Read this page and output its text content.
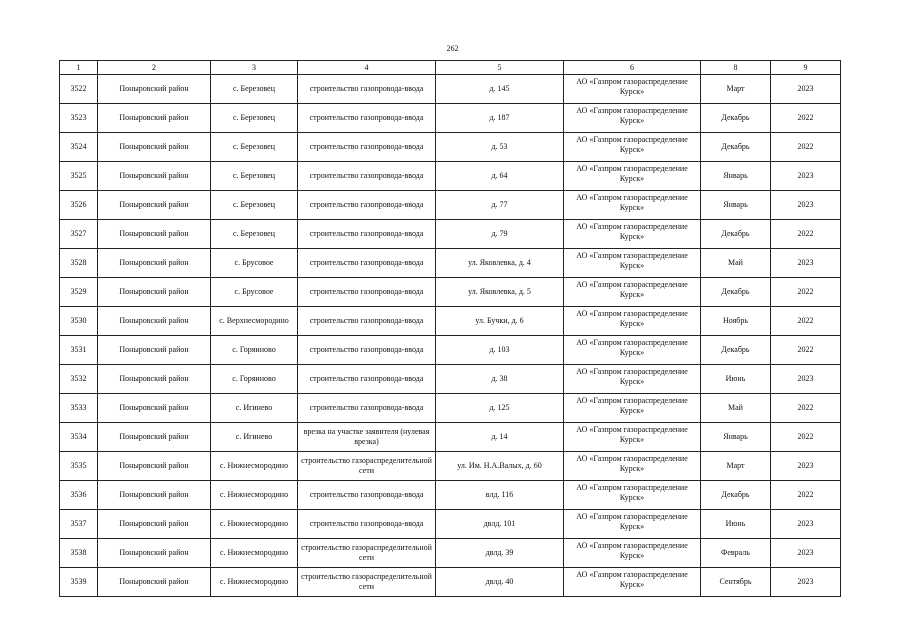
262
1	2	3	4	5	6	8	9
3522	Поныровский район	с. Березовец	строительство газопровода-ввода	д. 145	АО «Газпром газораспределение Курск»	Март	2023
3523	Поныровский район	с. Березовец	строительство газопровода-ввода	д. 187	АО «Газпром газораспределение Курск»	Декабрь	2022
3524	Поныровский район	с. Березовец	строительство газопровода-ввода	д. 53	АО «Газпром газораспределение Курск»	Декабрь	2022
3525	Поныровский район	с. Березовец	строительство газопровода-ввода	д. 64	АО «Газпром газораспределение Курск»	Январь	2023
3526	Поныровский район	с. Березовец	строительство газопровода-ввода	д. 77	АО «Газпром газораспределение Курск»	Январь	2023
3527	Поныровский район	с. Березовец	строительство газопровода-ввода	д. 79	АО «Газпром газораспределение Курск»	Декабрь	2022
3528	Поныровский район	с. Брусовое	строительство газопровода-ввода	ул. Яковлевка, д. 4	АО «Газпром газораспределение Курск»	Май	2023
3529	Поныровский район	с. Брусовое	строительство газопровода-ввода	ул. Яковлевка, д. 5	АО «Газпром газораспределение Курск»	Декабрь	2022
3530	Поныровский район	с. Верхнесмородино	строительство газопровода-ввода	ул. Бучки, д. 6	АО «Газпром газораспределение Курск»	Ноябрь	2022
3531	Поныровский район	с. Горяиново	строительство газопровода-ввода	д. 103	АО «Газпром газораспределение Курск»	Декабрь	2022
3532	Поныровский район	с. Горяиново	строительство газопровода-ввода	д. 38	АО «Газпром газораспределение Курск»	Июнь	2023
3533	Поныровский район	с. Игинево	строительство газопровода-ввода	д. 125	АО «Газпром газораспределение Курск»	Май	2022
3534	Поныровский район	с. Игинево	врезка на участке заявителя (нулевая врезка)	д. 14	АО «Газпром газораспределение Курск»	Январь	2022
3535	Поныровский район	с. Нижнесмородино	строительство газораспределительной сети	ул. Им. Н.А.Валых, д. 60	АО «Газпром газораспределение Курск»	Март	2023
3536	Поныровский район	с. Нижнесмородино	строительство газопровода-ввода	влд. 116	АО «Газпром газораспределение Курск»	Декабрь	2022
3537	Поныровский район	с. Нижнесмородино	строительство газопровода-ввода	двлд. 101	АО «Газпром газораспределение Курск»	Июнь	2023
3538	Поныровский район	с. Нижнесмородино	строительство газораспределительной сети	двлд. 39	АО «Газпром газораспределение Курск»	Февраль	2023
3539	Поныровский район	с. Нижнесмородино	строительство газораспределительной сети	двлд. 40	АО «Газпром газораспределение Курск»	Сентябрь	2023
